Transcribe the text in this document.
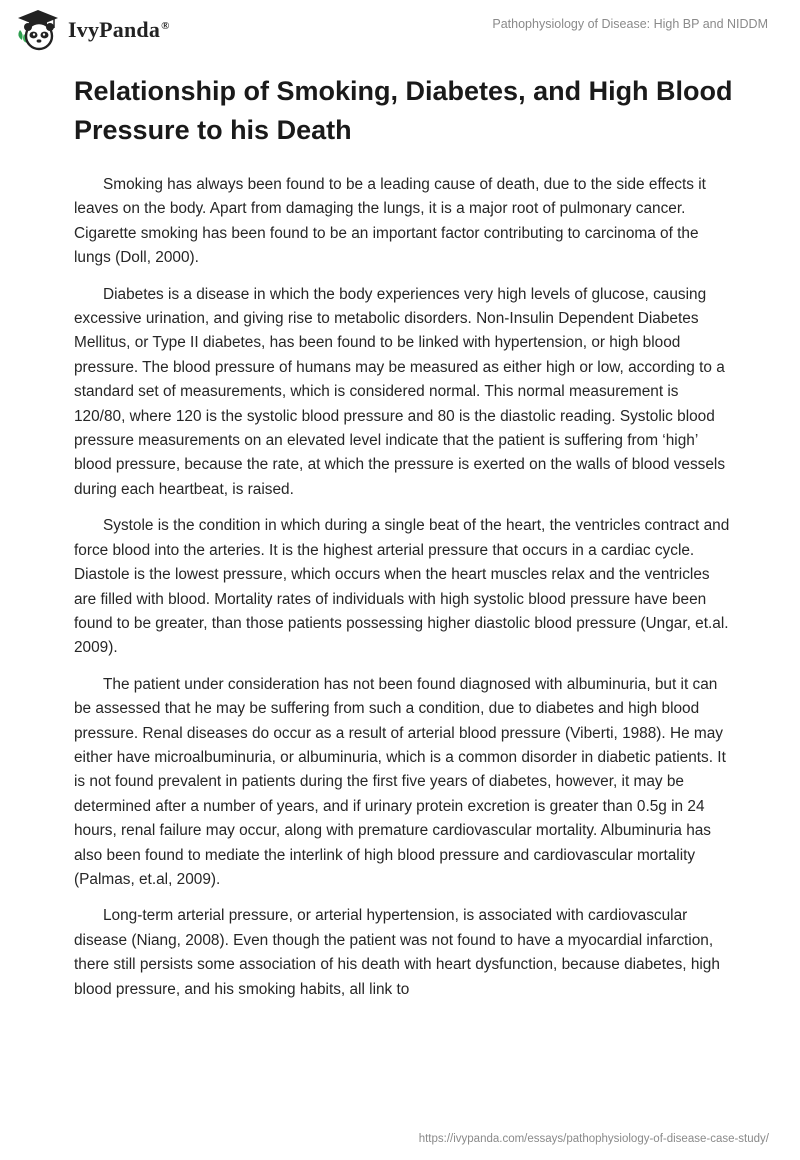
IvyPanda®	Pathophysiology of Disease: High BP and NIDDM
Relationship of Smoking, Diabetes, and High Blood Pressure to his Death

Smoking has always been found to be a leading cause of death, due to the side effects it leaves on the body. Apart from damaging the lungs, it is a major root of pulmonary cancer. Cigarette smoking has been found to be an important factor contributing to carcinoma of the lungs (Doll, 2000).

Diabetes is a disease in which the body experiences very high levels of glucose, causing excessive urination, and giving rise to metabolic disorders. Non-Insulin Dependent Diabetes Mellitus, or Type II diabetes, has been found to be linked with hypertension, or high blood pressure. The blood pressure of humans may be measured as either high or low, according to a standard set of measurements, which is considered normal. This normal measurement is 120/80, where 120 is the systolic blood pressure and 80 is the diastolic reading. Systolic blood pressure measurements on an elevated level indicate that the patient is suffering from ‘high’ blood pressure, because the rate, at which the pressure is exerted on the walls of blood vessels during each heartbeat, is raised.

Systole is the condition in which during a single beat of the heart, the ventricles contract and force blood into the arteries. It is the highest arterial pressure that occurs in a cardiac cycle. Diastole is the lowest pressure, which occurs when the heart muscles relax and the ventricles are filled with blood. Mortality rates of individuals with high systolic blood pressure have been found to be greater, than those patients possessing higher diastolic blood pressure (Ungar, et.al. 2009).

The patient under consideration has not been found diagnosed with albuminuria, but it can be assessed that he may be suffering from such a condition, due to diabetes and high blood pressure. Renal diseases do occur as a result of arterial blood pressure (Viberti, 1988). He may either have microalbuminuria, or albuminuria, which is a common disorder in diabetic patients. It is not found prevalent in patients during the first five years of diabetes, however, it may be determined after a number of years, and if urinary protein excretion is greater than 0.5g in 24 hours, renal failure may occur, along with premature cardiovascular mortality. Albuminuria has also been found to mediate the interlink of high blood pressure and cardiovascular mortality (Palmas, et.al, 2009).

Long-term arterial pressure, or arterial hypertension, is associated with cardiovascular disease (Niang, 2008). Even though the patient was not found to have a myocardial infarction, there still persists some association of his death with heart dysfunction, because diabetes, high blood pressure, and his smoking habits, all link to

https://ivypanda.com/essays/pathophysiology-of-disease-case-study/
